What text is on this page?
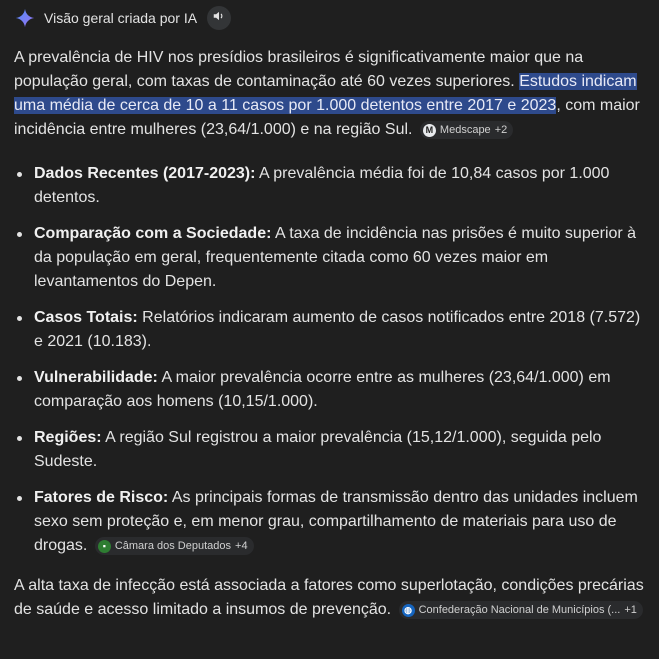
Visão geral criada por IA

A prevalência de HIV nos presídios brasileiros é significativamente maior que na população geral, com taxas de contaminação até 60 vezes superiores. Estudos indicam uma média de cerca de 10 a 11 casos por 1.000 detentos entre 2017 e 2023, com maior incidência entre mulheres (23,64/1.000) e na região Sul.	M Medscape +2

Dados Recentes (2017-2023): A prevalência média foi de 10,84 casos por 1.000 detentos.
Comparação com a Sociedade: A taxa de incidência nas prisões é muito superior à da população em geral, frequentemente citada como 60 vezes maior em levantamentos do Depen.
Casos Totais: Relatórios indicaram aumento de casos notificados entre 2018 (7.572) e 2021 (10.183).
Vulnerabilidade: A maior prevalência ocorre entre as mulheres (23,64/1.000) em comparação aos homens (10,15/1.000).
Regiões: A região Sul registrou a maior prevalência (15,12/1.000), seguida pelo Sudeste.
Fatores de Risco: As principais formas de transmissão dentro das unidades incluem sexo sem proteção e, em menor grau, compartilhamento de materiais para uso de drogas.	▪ Câmara dos Deputados +4

A alta taxa de infecção está associada a fatores como superlotação, condições precárias de saúde e acesso limitado a insumos de prevenção. ◍ Confederação Nacional de Municípios (... +1
